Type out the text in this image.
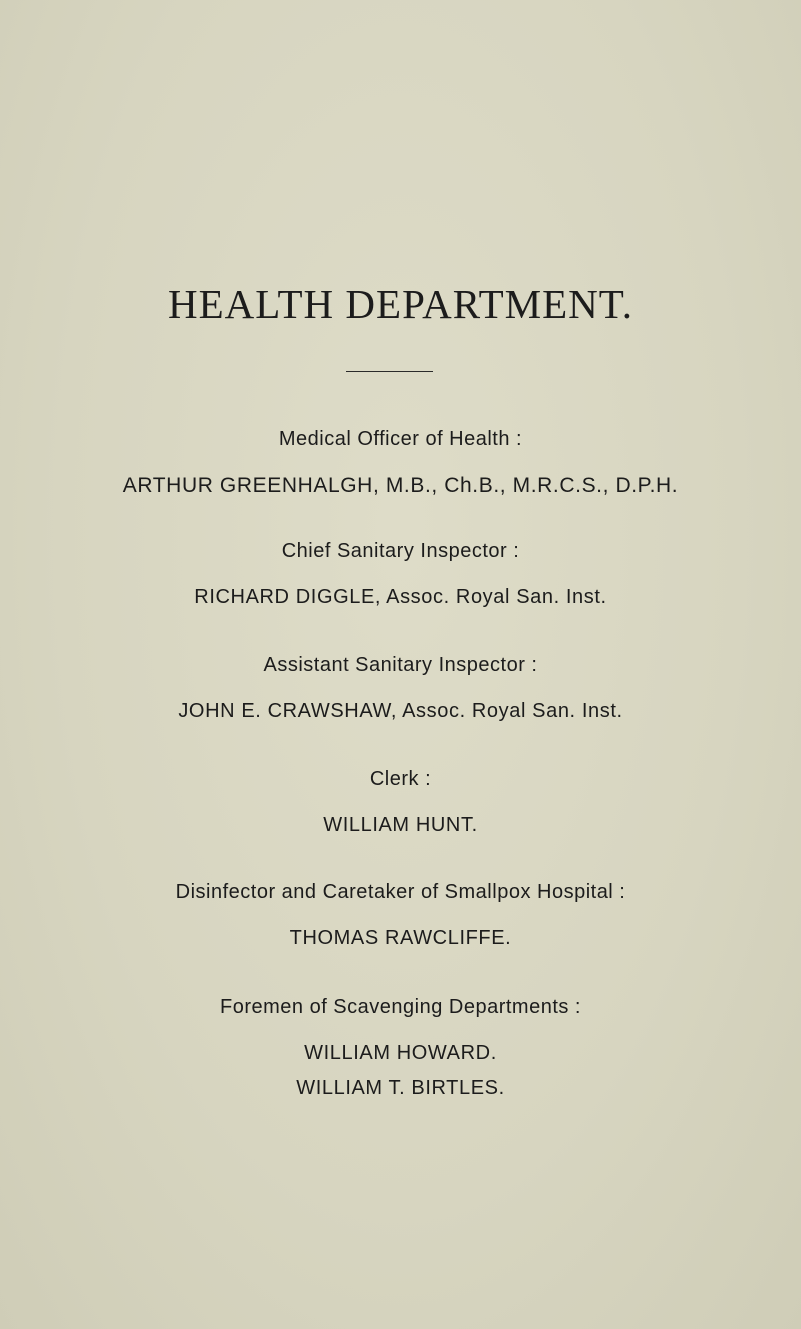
HEALTH DEPARTMENT.
Medical Officer of Health :
ARTHUR GREENHALGH, M.B., Ch.B., M.R.C.S., D.P.H.
Chief Sanitary Inspector :
RICHARD DIGGLE, Assoc. Royal San. Inst.
Assistant Sanitary Inspector :
JOHN E. CRAWSHAW, Assoc. Royal San. Inst.
Clerk :
WILLIAM HUNT.
Disinfector and Caretaker of Smallpox Hospital :
THOMAS RAWCLIFFE.
Foremen of Scavenging Departments :
WILLIAM HOWARD.
WILLIAM T. BIRTLES.
